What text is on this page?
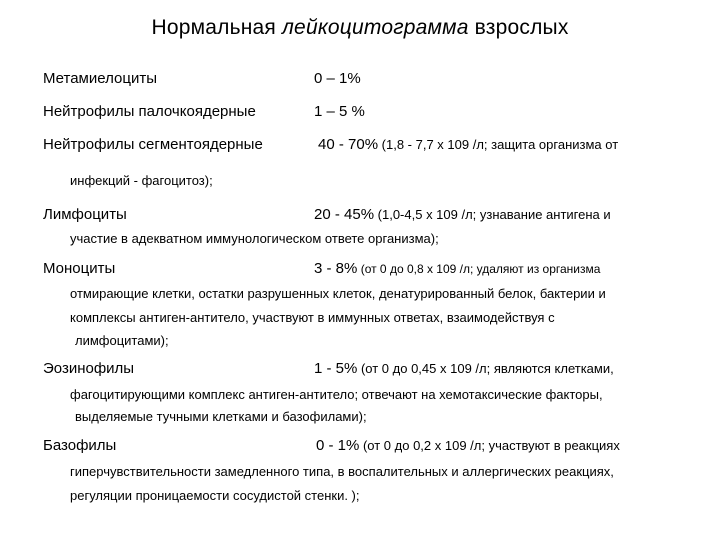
Нормальная лейкоцитограмма взрослых
Метамиелоциты	0 – 1%
Нейтрофилы палочкоядерные	1 – 5 %
Нейтрофилы сегментоядерные	40 - 70% (1,8 - 7,7 х 109 /л; защита организма от
инфекций - фагоцитоз);
Лимфоциты	20 - 45% (1,0-4,5 х 109 /л; узнавание антигена и
участие в адекватном иммунологическом ответе организма);
Моноциты	3 - 8% (от 0 до 0,8 х 109 /л; удаляют из организма
отмирающие клетки, остатки разрушенных клеток, денатурированный белок, бактерии и
комплексы антиген-антитело, участвуют в иммунных ответах, взаимодействуя с
лимфоцитами);
Эозинофилы	1 - 5% (от 0 до 0,45 х 109 /л; являются клетками,
фагоцитирующими комплекс антиген-антитело; отвечают на хемотаксические факторы,
выделяемые тучными клетками и базофилами);
Базофилы	0 - 1% (от 0 до 0,2 х 109 /л; участвуют в реакциях
гиперчувствительности замедленного типа, в воспалительных и аллергических реакциях,
регуляции проницаемости сосудистой стенки. );
